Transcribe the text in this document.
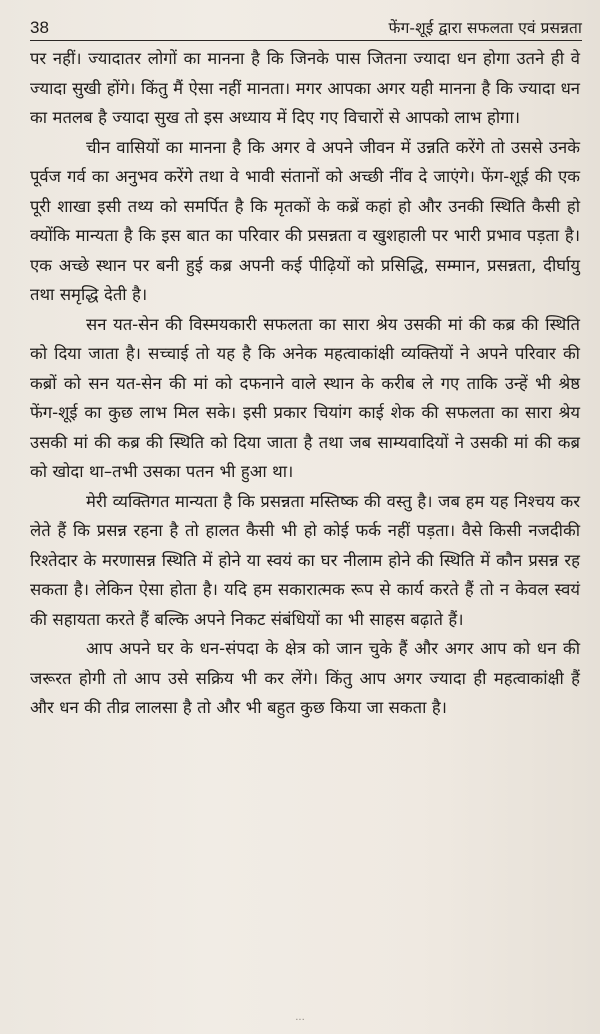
38	फेंग-शूई द्वारा सफलता एवं प्रसन्नता

पर नहीं। ज्यादातर लोगों का मानना है कि जिनके पास जितना ज्यादा धन होगा उतने ही वे ज्यादा सुखी होंगे। किंतु मैं ऐसा नहीं मानता। मगर आपका अगर यही मानना है कि ज्यादा धन का मतलब है ज्यादा सुख तो इस अध्याय में दिए गए विचारों से आपको लाभ होगा।

चीन वासियों का मानना है कि अगर वे अपने जीवन में उन्नति करेंगे तो उससे उनके पूर्वज गर्व का अनुभव करेंगे तथा वे भावी संतानों को अच्छी नींव दे जाएंगे। फेंग-शूई की एक पूरी शाखा इसी तथ्य को समर्पित है कि मृतकों के कब्रें कहां हो और उनकी स्थिति कैसी हो क्योंकि मान्यता है कि इस बात का परिवार की प्रसन्नता व खुशहाली पर भारी प्रभाव पड़ता है। एक अच्छे स्थान पर बनी हुई कब्र अपनी कई पीढ़ियों को प्रसिद्धि, सम्मान, प्रसन्नता, दीर्घायु तथा समृद्धि देती है।

सन यत-सेन की विस्मयकारी सफलता का सारा श्रेय उसकी मां की कब्र की स्थिति को दिया जाता है। सच्चाई तो यह है कि अनेक महत्वाकांक्षी व्यक्तियों ने अपने परिवार की कब्रों को सन यत-सेन की मां को दफनाने वाले स्थान के करीब ले गए ताकि उन्हें भी श्रेष्ठ फेंग-शूई का कुछ लाभ मिल सके। इसी प्रकार चियांग काई शेक की सफलता का सारा श्रेय उसकी मां की कब्र की स्थिति को दिया जाता है तथा जब साम्यवादियों ने उसकी मां की कब्र को खोदा था–तभी उसका पतन भी हुआ था।

मेरी व्यक्तिगत मान्यता है कि प्रसन्नता मस्तिष्क की वस्तु है। जब हम यह निश्चय कर लेते हैं कि प्रसन्न रहना है तो हालत कैसी भी हो कोई फर्क नहीं पड़ता। वैसे किसी नजदीकी रिश्तेदार के मरणासन्न स्थिति में होने या स्वयं का घर नीलाम होने की स्थिति में कौन प्रसन्न रह सकता है। लेकिन ऐसा होता है। यदि हम सकारात्मक रूप से कार्य करते हैं तो न केवल स्वयं की सहायता करते हैं बल्कि अपने निकट संबंधियों का भी साहस बढ़ाते हैं।

आप अपने घर के धन-संपदा के क्षेत्र को जान चुके हैं और अगर आप को धन की जरूरत होगी तो आप उसे सक्रिय भी कर लेंगे। किंतु आप अगर ज्यादा ही महत्वाकांक्षी हैं और धन की तीव्र लालसा है तो और भी बहुत कुछ किया जा सकता है।

···
